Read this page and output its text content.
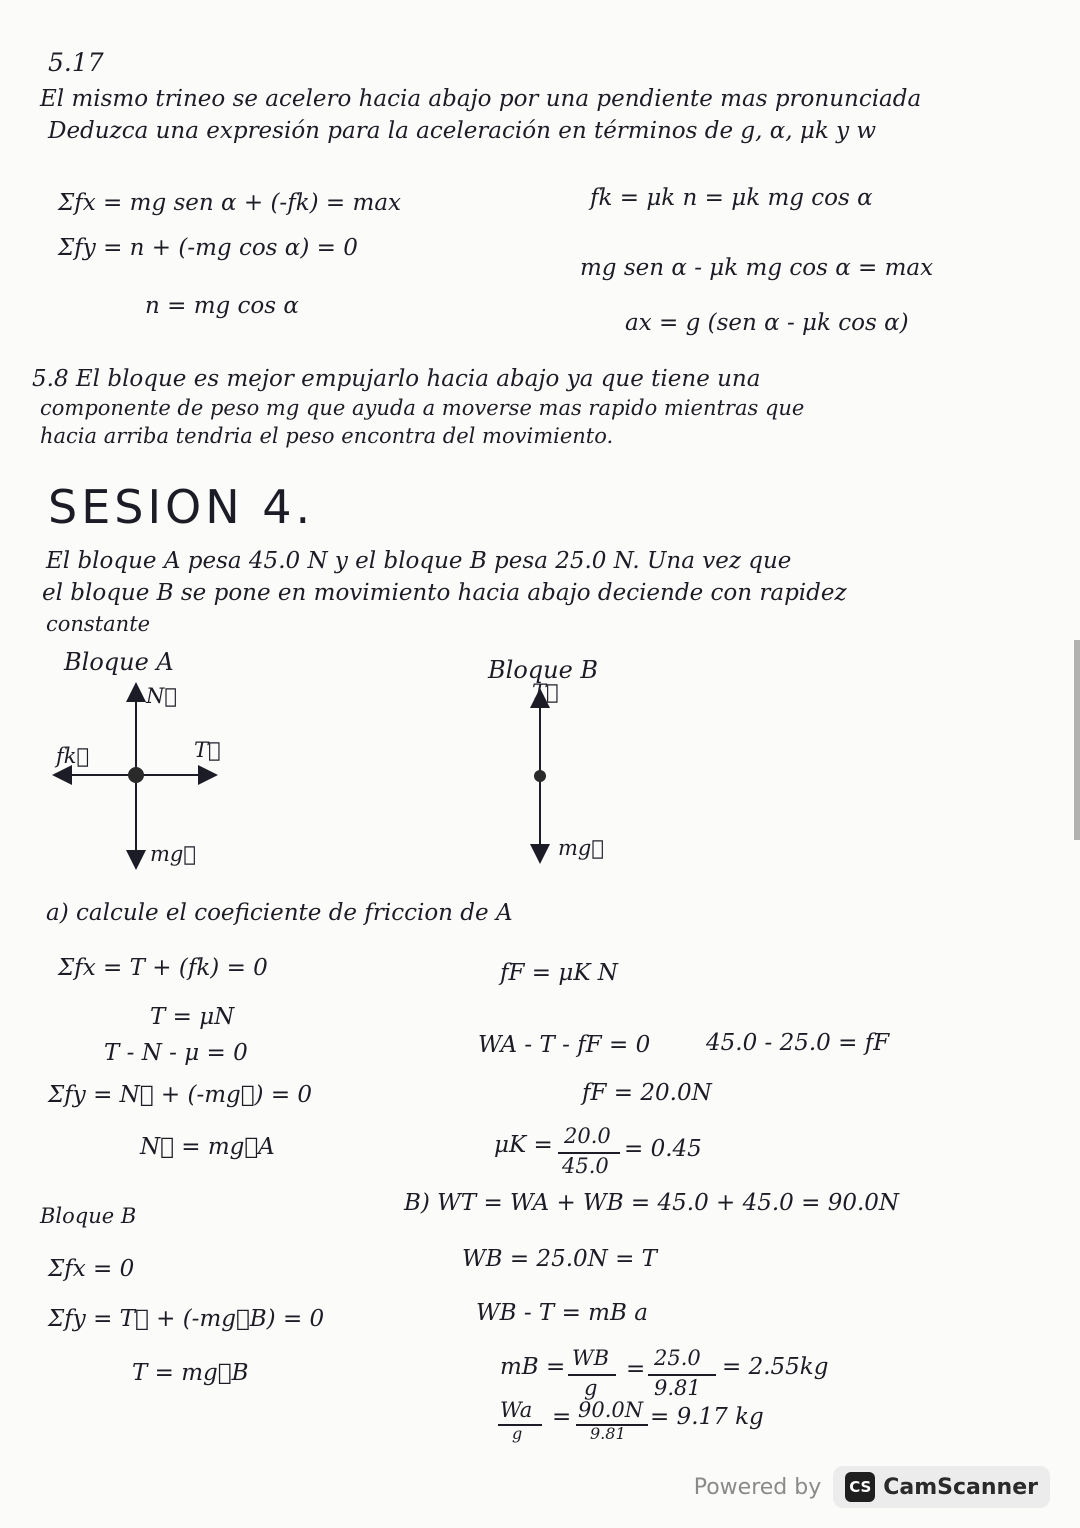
5.17
El mismo trineo se acelero hacia abajo por una pendiente mas pronunciada
Deduzca una expresión para la aceleración en términos de g, α, μk y w
Σfx = mg sen α + (-fk) = max
Σfy = n + (-mg cos α) = 0
n = mg cos α
fk = μk n = μk mg cos α
mg sen α - μk mg cos α = max
ax = g (sen α - μk cos α)
5.8 El bloque es mejor empujarlo hacia abajo ya que tiene una
componente de peso mg que ayuda a moverse mas rapido mientras que
hacia arriba tendria el peso encontra del movimiento.
SESION 4.
El bloque A pesa 45.0 N y el bloque B pesa 25.0 N. Una vez que
el bloque B se pone en movimiento hacia abajo deciende con rapidez
constante
Bloque A
N⃗
fk⃗	T⃗
mg⃗
Bloque B
T⃗
mg⃗
a) calcule el coeficiente de friccion de A
Σfx = T + (fk) = 0
T = μN
T - N - μ = 0
Σfy = N⃗ + (-mg⃗) = 0
N⃗ = mg⃗A
fF = μK N
WA - T - fF = 0 45.0 - 25.0 = fF
fF = 20.0N
μK = 20.0
45.0
= 0.45
Bloque B
Σfx = 0
Σfy = T⃗ + (-mg⃗B) = 0
T = mg⃗B
B) WT = WA + WB = 45.0 + 45.0 = 90.0N
WB = 25.0N = T
WB - T = mB a
mB = WB
g
= 25.0
9.81
= 2.55kg
Wa
g
= 90.0N
9.81
= 9.17 kg
Powered by CS CamScanner
